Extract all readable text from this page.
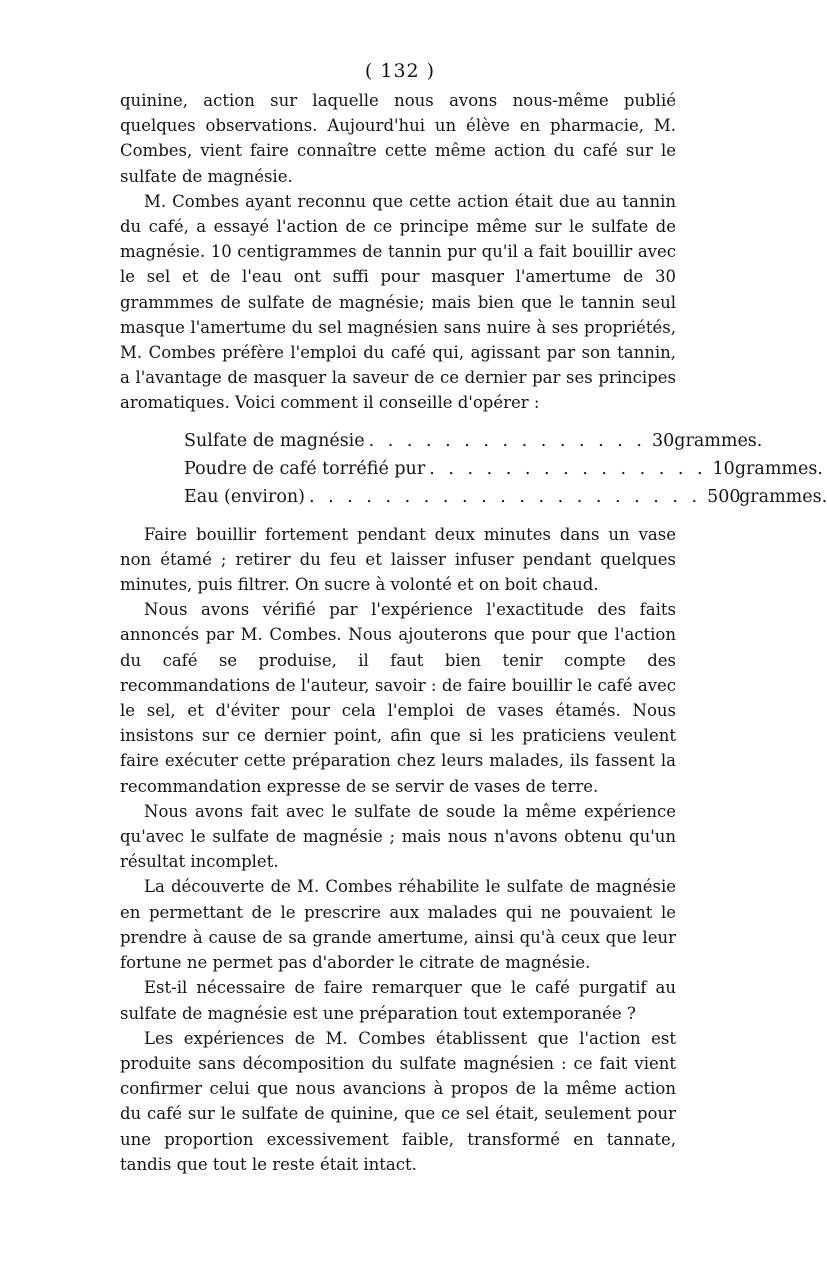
( 132 )

quinine, action sur laquelle nous avons nous-même publié quelques observations. Aujourd'hui un élève en pharmacie, M. Combes, vient faire connaître cette même action du café sur le sulfate de magnésie.

M. Combes ayant reconnu que cette action était due au tannin du café, a essayé l'action de ce principe même sur le sulfate de magnésie. 10 centigrammes de tannin pur qu'il a fait bouillir avec le sel et de l'eau ont suffi pour masquer l'amertume de 30 grammmes de sulfate de magnésie; mais bien que le tannin seul masque l'amertume du sel magnésien sans nuire à ses propriétés, M. Combes préfère l'emploi du café qui, agissant par son tannin, a l'avantage de masquer la saveur de ce dernier par ses principes aromatiques. Voici comment il conseille d'opérer :

Sulfate de magnésie . . . . . . . . . . . . . . . 30 grammes.
Poudre de café torréfié pur . . . . . . . . . . . . . . . 10 grammes.
Eau (environ) . . . . . . . . . . . . . . . . . . . . . 500
grammes.

Faire bouillir fortement pendant deux minutes dans un vase non étamé ; retirer du feu et laisser infuser pendant quelques minutes, puis filtrer. On sucre à volonté et on boit chaud.

Nous avons vérifié par l'expérience l'exactitude des faits annoncés par M. Combes. Nous ajouterons que pour que l'action du café se produise, il faut bien tenir compte des recommandations de l'auteur, savoir : de faire bouillir le café avec le sel, et d'éviter pour cela l'emploi de vases étamés. Nous insistons sur ce dernier point, afin que si les praticiens veulent faire exécuter cette préparation chez leurs malades, ils fassent la recommandation expresse de se servir de vases de terre.

Nous avons fait avec le sulfate de soude la même expérience qu'avec le sulfate de magnésie ; mais nous n'avons obtenu qu'un résultat incomplet.

La découverte de M. Combes réhabilite le sulfate de magnésie en permettant de le prescrire aux malades qui ne pouvaient le prendre à cause de sa grande amertume, ainsi qu'à ceux que leur fortune ne permet pas d'aborder le citrate de magnésie.

Est-il nécessaire de faire remarquer que le café purgatif au sulfate de magnésie est une préparation tout extemporanée ?

Les expériences de M. Combes établissent que l'action est produite sans décomposition du sulfate magnésien : ce fait vient confirmer celui que nous avancions à propos de la même action du café sur le sulfate de quinine, que ce sel était, seulement pour une proportion excessivement faible, transformé en tannate, tandis que tout le reste était intact.
